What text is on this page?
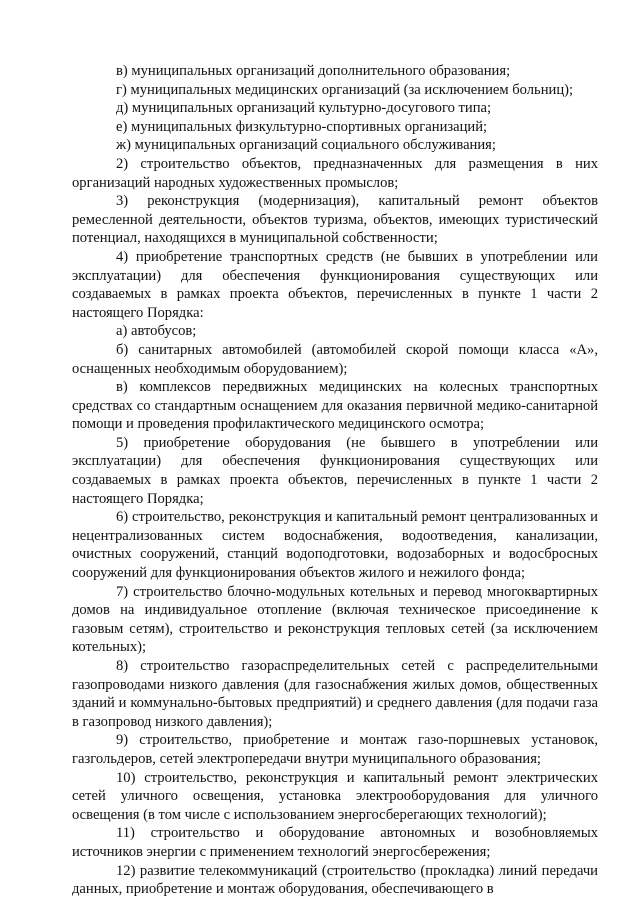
в) муниципальных организаций дополнительного образования;

г) муниципальных медицинских организаций (за исключением больниц);

д) муниципальных организаций культурно-досугового типа;

е) муниципальных физкультурно-спортивных организаций;

ж) муниципальных организаций социального обслуживания;

2) строительство объектов, предназначенных для размещения в них организаций народных художественных промыслов;

3) реконструкция (модернизация), капитальный ремонт объектов ремесленной деятельности, объектов туризма, объектов, имеющих туристический потенциал, находящихся в муниципальной собственности;

4) приобретение транспортных средств (не бывших в употреблении или эксплуатации) для обеспечения функционирования существующих или создаваемых в рамках проекта объектов, перечисленных в пункте 1 части 2 настоящего Порядка:

а) автобусов;

б) санитарных автомобилей (автомобилей скорой помощи класса «А», оснащенных необходимым оборудованием);

в) комплексов передвижных медицинских на колесных транспортных средствах со стандартным оснащением для оказания первичной медико-санитарной помощи и проведения профилактического медицинского осмотра;

5) приобретение оборудования (не бывшего в употреблении или эксплуатации) для обеспечения функционирования существующих или создаваемых в рамках проекта объектов, перечисленных в пункте 1 части 2 настоящего Порядка;

6) строительство, реконструкция и капитальный ремонт централизованных и нецентрализованных систем водоснабжения, водоотведения, канализации, очистных сооружений, станций водоподготовки, водозаборных и водосбросных сооружений для функционирования объектов жилого и нежилого фонда;

7) строительство блочно-модульных котельных и перевод многоквартирных домов на индивидуальное отопление (включая техническое присоединение к газовым сетям), строительство и реконструкция тепловых сетей (за исключением котельных);

8) строительство газораспределительных сетей с распределительными газопроводами низкого давления (для газоснабжения жилых домов, общественных зданий и коммунально-бытовых предприятий) и среднего давления (для подачи газа в газопровод низкого давления);

9) строительство, приобретение и монтаж газо-поршневых установок, газгольдеров, сетей электропередачи внутри муниципального образования;

10) строительство, реконструкция и капитальный ремонт электрических сетей уличного освещения, установка электрооборудования для уличного освещения (в том числе с использованием энергосберегающих технологий);

11) строительство и оборудование автономных и возобновляемых источников энергии с применением технологий энергосбережения;

12) развитие телекоммуникаций (строительство (прокладка) линий передачи данных, приобретение и монтаж оборудования, обеспечивающего в
